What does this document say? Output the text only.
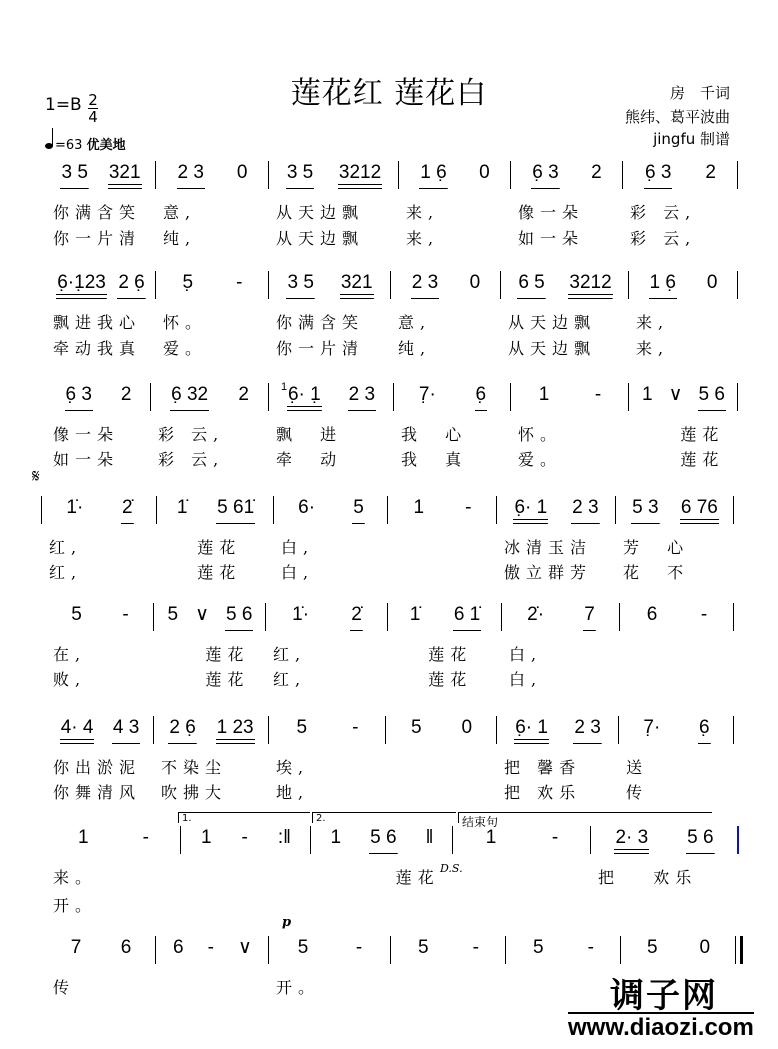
莲花红 莲花白	房　千词
熊纬、葛平波曲
jingfu 制谱
1=B 2
4
=63 优美地
𝄋
1.	2.	结束句
D.S.
p
3 5 321
你满含笑
你一片清
2 3 0
意,
纯,
3 5 3212
从天边飘
从天边飘
1 6̣ 0
来,
来,
6̣ 3 2
像一朵
如一朵
6̣ 3 2
彩 云,
彩 云,
6̣·1̣23 2 6̣
飘进我心
牵动我真
5̣ -
怀。
爱。
3 5 321
你满含笑
你一片清
2 3 0
意,
纯,
6 5 3212
从天边飘
从天边飘
1 6̣ 0
来,
来,
6̣ 3 2
像一朵
如一朵
6̣ 32 2
彩 云,
彩 云,
6̣· 1̣
1	2 3
飘  进
牵  动
7̣· 6̣
我  心
我  真
1 -
怀。
爱。
1 ∨ 5 6
莲花
莲花
1̇· 2̇
红,
红,
1̇ 5 61̇
莲花
莲花
6· 5
白,
白,
1 - 6̣· 1 2 3
冰清玉洁
傲立群芳
5 3 6 76
芳  心
花  不
5 -
在,
败,
5 ∨ 5 6
莲花
莲花
1̇· 2̇
红,
红,
1̇ 6 1̇
莲花
莲花
2̇· 7
白,
白,
6 -
4· 4 4 3
你出淤泥
你舞清风
2 6̣ 1 23
不染尘
吹拂大
5 -
埃,
地,
5 0 6̣· 1 2 3
把 馨香
把 欢乐
7̣· 6̣
送
传
1	-
来。
开。
1 - :‖ 1 5 6 ‖
莲花
1	-	2· 3 5 6
把   欢乐
7 6
传
6 - ∨ 5	-
开。
5 -	5 -	5 0
调子网
www.diaozi.com
